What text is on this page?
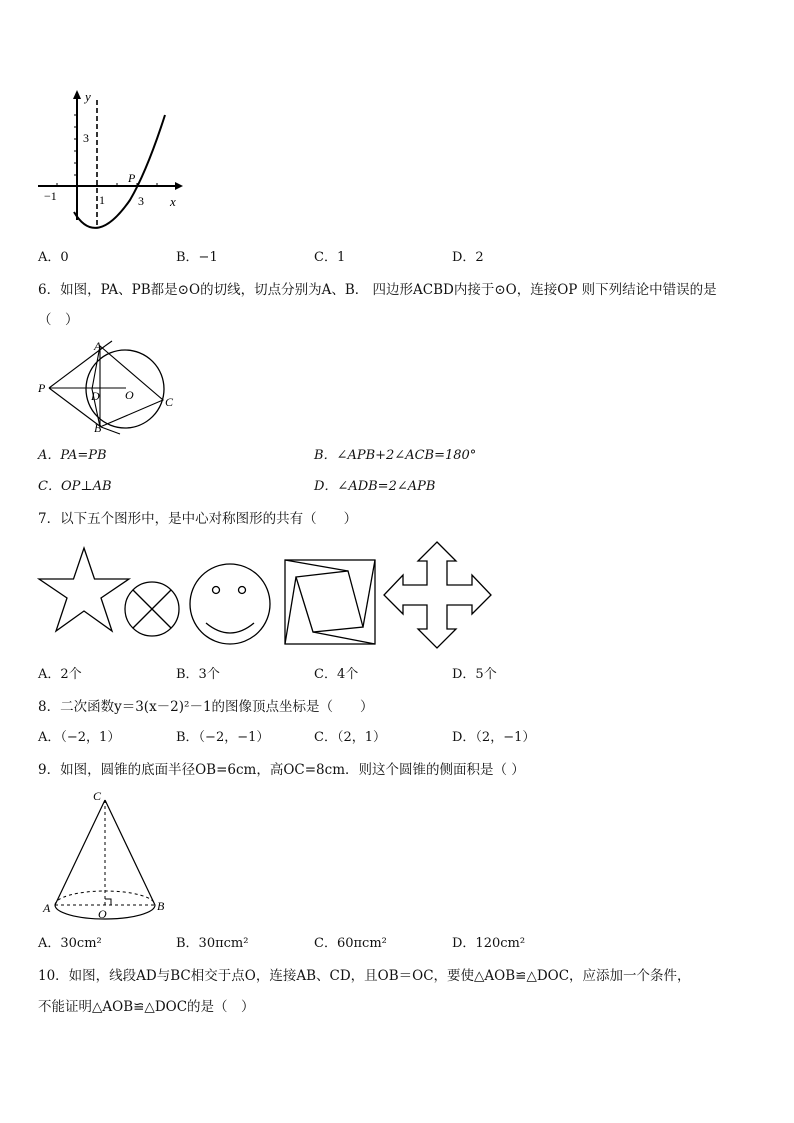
y
x
3
−1	1
P
3
A．0	B．−1	C．1	D．2
6．如图，PA、PB都是⊙O的切线，切点分别为A、B． 四边形ACBD内接于⊙O，连接OP 则下列结论中错误的是
（　）
A
P
D O	C
B
A．PA=PB	B．∠APB+2∠ACB=180°
C．OP⊥AB	D．∠ADB=2∠APB
7．以下五个图形中，是中心对称图形的共有（　　）
A．2个	B．3个	C．4个	D．5个
8．二次函数y＝3(x－2)²－1的图像顶点坐标是（　　）
A．（−2，1）	B．（−2，−1）	C．（2，1）	D．（2，−1）
9．如图，圆锥的底面半径OB=6cm，高OC=8cm．则这个圆锥的侧面积是（ ）
C
A	O
B
A．30cm²	B．30πcm²	C．60πcm²	D．120cm²
10．如图，线段AD与BC相交于点O，连接AB、CD，且OB＝OC，要使△AOB≌△DOC，应添加一个条件，
不能证明△AOB≌△DOC的是（　）
